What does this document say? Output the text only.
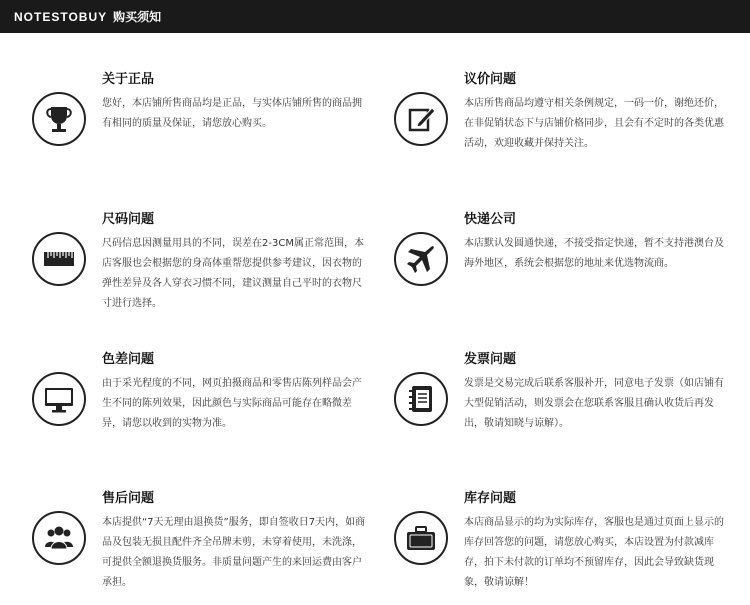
NOTESTOBUY 购买须知
关于正品
您好，本店铺所售商品均是正品，与实体店铺所售的商品拥有相同的质量及保证，请您放心购买。
议价问题
本店所售商品均遵守相关条例规定，一码一价，谢绝还价，在非促销状态下与店铺价格同步，且会有不定时的各类优惠活动，欢迎收藏并保持关注。
尺码问题
尺码信息因测量用具的不同，误差在2-3CM属正常范围，本店客服也会根据您的身高体重帮您提供参考建议，因衣物的弹性差异及各人穿衣习惯不同，建议测量自己平时的衣物尺寸进行选择。
快递公司
本店默认发圆通快递，不接受指定快递，暂不支持港澳台及海外地区，系统会根据您的地址来优选物流商。
色差问题
由于采光程度的不同，网页拍摄商品和零售店陈列样品会产生不同的陈列效果，因此颜色与实际商品可能存在略微差异，请您以收到的实物为准。
发票问题
发票是交易完成后联系客服补开，同意电子发票（如店铺有大型促销活动，则发票会在您联系客服且确认收货后再发出，敬请知晓与谅解）。
售后问题
本店提供“7天无理由退换货”服务，即自签收日7天内，如商品及包装无损且配件齐全吊牌未剪，未穿着使用，未洗涤，可提供全额退换货服务。非质量问题产生的来回运费由客户承担。
库存问题
本店商品显示的均为实际库存，客服也是通过页面上显示的库存回答您的问题，请您放心购买，本店设置为付款减库存，拍下未付款的订单均不预留库存，因此会导致缺货现象，敬请谅解！
